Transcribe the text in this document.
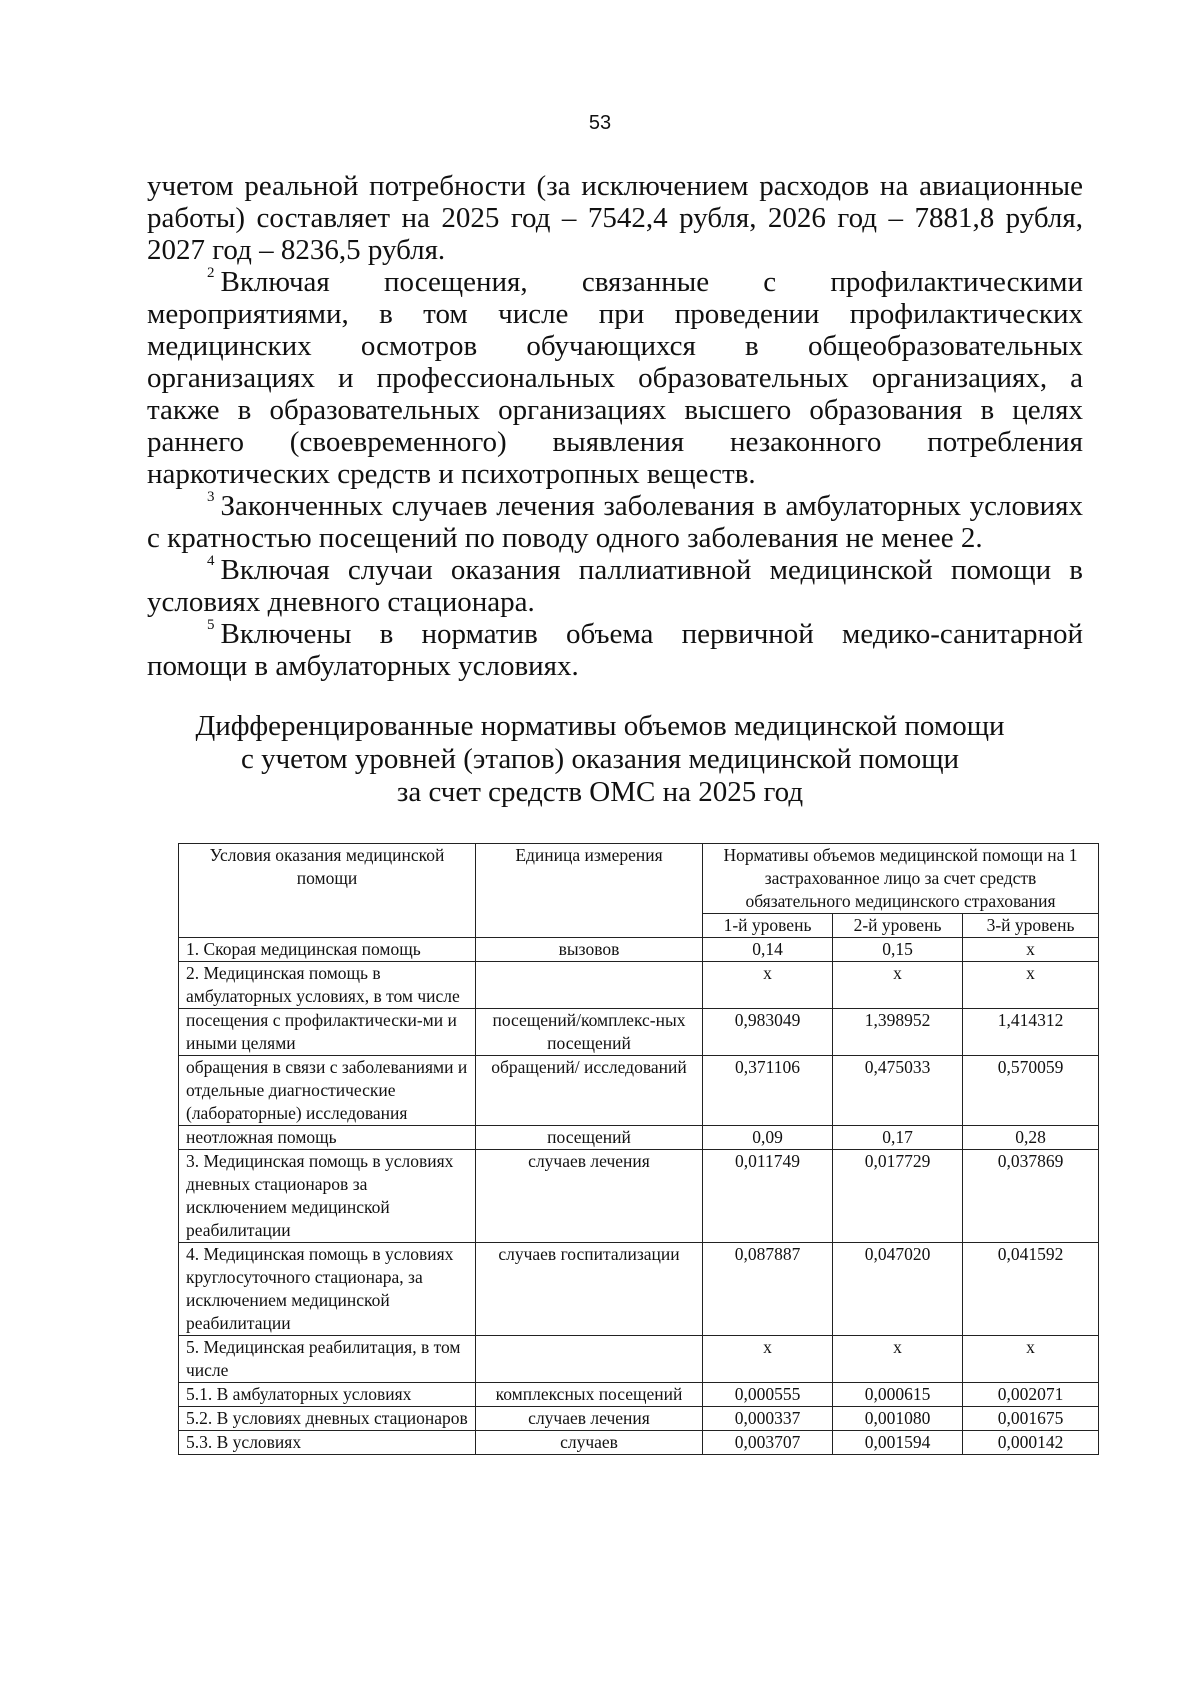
53

учетом реальной потребности (за исключением расходов на авиационные работы) составляет на 2025 год – 7542,4 рубля, 2026 год – 7881,8 рубля, 2027 год – 8236,5 рубля.

$^2$ Включая посещения, связанные с профилактическими мероприятиями, в том числе при проведении профилактических медицинских осмотров обучающихся в общеобразовательных организациях и профессиональных образовательных организациях, а также в образовательных организациях высшего образования в целях раннего (своевременного) выявления незаконного потребления наркотических средств и психотропных веществ.

$^3$ Законченных случаев лечения заболевания в амбулаторных условиях с кратностью посещений по поводу одного заболевания не менее 2.

$^4$ Включая случаи оказания паллиативной медицинской помощи в условиях дневного стационара.

$^5$ Включены в норматив объема первичной медико-санитарной помощи в амбулаторных условиях.

Дифференцированные нормативы объемов медицинской помощи
с учетом уровней (этапов) оказания медицинской помощи
за счет средств ОМС на 2025 год
Условия оказания медицинской помощи	Единица измерения	Нормативы объемов медицинской помощи на 1 застрахованное лицо за счет средств обязательного медицинского страхования		
		1-й уровень	2-й уровень	3-й уровень
1. Скорая медицинская помощь	вызовов	0,14	0,15	х
2. Медицинская помощь в амбулаторных условиях, в том числе		х	х	х
посещения с профилактически-ми и иными целями	посещений/комплекс-ных посещений	0,983049	1,398952	1,414312
обращения в связи с заболеваниями и отдельные диагностические (лабораторные) исследования	обращений/ исследований	0,371106	0,475033	0,570059
неотложная помощь	посещений	0,09	0,17	0,28
3. Медицинская помощь в условиях дневных стационаров за исключением медицинской реабилитации	случаев лечения	0,011749	0,017729	0,037869
4. Медицинская помощь в условиях круглосуточного стационара, за исключением медицинской реабилитации	случаев госпитализации	0,087887	0,047020	0,041592
5. Медицинская реабилитация, в том числе		х	х	х
5.1. В амбулаторных условиях	комплексных посещений	0,000555	0,000615	0,002071
5.2. В условиях дневных стационаров	случаев лечения	0,000337	0,001080	0,001675
5.3. В условиях	случаев	0,003707	0,001594	0,000142
